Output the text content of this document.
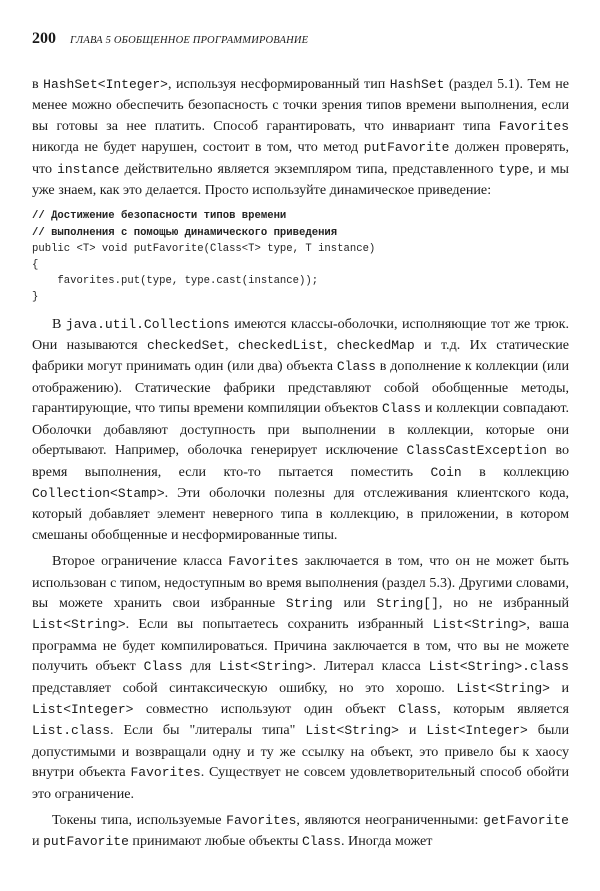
200 ГЛАВА 5 ОБОБЩЕННОЕ ПРОГРАММИРОВАНИЕ

в HashSet<Integer>, используя несформированный тип HashSet (раздел 5.1). Тем не менее можно обеспечить безопасность с точки зрения типов времени выполнения, если вы готовы за нее платить. Способ гарантировать, что инвариант типа Favorites никогда не будет нарушен, состоит в том, что метод putFavorite должен проверять, что instance действительно является экземпляром типа, представленного type, и мы уже знаем, как это делается. Просто используйте динамическое приведение:

// Достижение безопасности типов времени
// выполнения с помощью динамического приведения
public <T> void putFavorite(Class<T> type, T instance)
{
favorites.put(type, type.cast(instance));
}

В java.util.Collections имеются классы-оболочки, исполняющие тот же трюк. Они называются checkedSet, checkedList, checkedMap и т.д. Их статические фабрики могут принимать один (или два) объекта Class в дополнение к коллекции (или отображению). Статические фабрики представляют собой обобщенные методы, гарантирующие, что типы времени компиляции объектов Class и коллекции совпадают. Оболочки добавляют доступность при выполнении в коллекции, которые они обертывают. Например, оболочка генерирует исключение ClassCastException во время выполнения, если кто-то пытается поместить Coin в коллекцию Collection<Stamp>. Эти оболочки полезны для отслеживания клиентского кода, который добавляет элемент неверного типа в коллекцию, в приложении, в котором смешаны обобщенные и несформированные типы.

Второе ограничение класса Favorites заключается в том, что он не может быть использован с типом, недоступным во время выполнения (раздел 5.3). Другими словами, вы можете хранить свои избранные String или String[], но не избранный List<String>. Если вы попытаетесь сохранить избранный List<String>, ваша программа не будет компилироваться. Причина заключается в том, что вы не можете получить объект Class для List<String>. Литерал класса List<String>.class представляет собой синтаксическую ошибку, но это хорошо. List<String> и List<Integer> совместно используют один объект Class, которым является List.class. Если бы "литералы типа" List<String> и List<Integer> были допустимыми и возвращали одну и ту же ссылку на объект, это привело бы к хаосу внутри объекта Favorites. Существует не совсем удовлетворительный способ обойти это ограничение.

Токены типа, используемые Favorites, являются неограниченными: getFavorite и putFavorite принимают любые объекты Class. Иногда может
